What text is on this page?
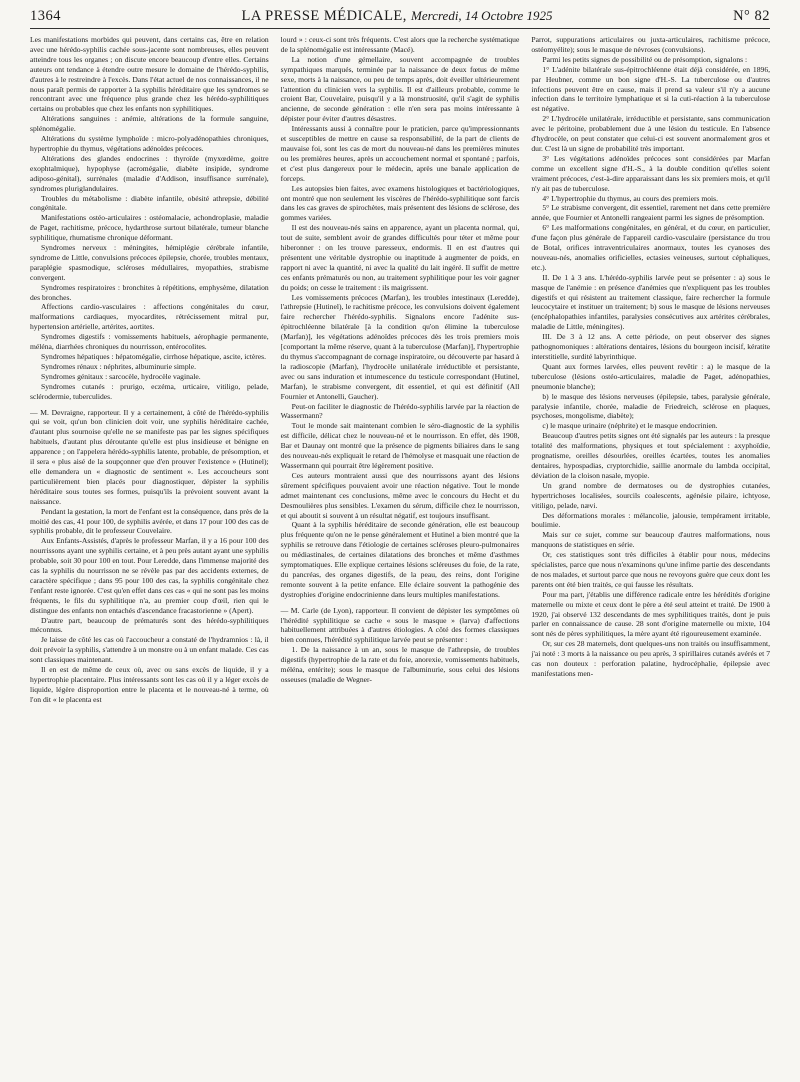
1364	LA PRESSE MÉDICALE, Mercredi, 14 Octobre 1925	N° 82

Les manifestations morbides qui peuvent, dans certains cas, être en relation avec une hérédo-syphilis cachée sous-jacente sont nombreuses, elles peuvent atteindre tous les organes ; on discute encore beaucoup d'entre elles. Certains auteurs ont tendance à étendre outre mesure le domaine de l'hérédo-syphilis, d'autres à le restreindre à l'excès. Dans l'état actuel de nos connaissances, il ne nous paraît permis de rapporter à la syphilis héréditaire que les syndromes se rencontrant avec une fréquence plus grande chez les hérédo-syphilitiques certains ou probables que chez les enfants non syphilitiques.

Altérations sanguines : anémie, altérations de la formule sanguine, splénomégalie.

Altérations du système lymphoïde : micro-polyadénopathies chroniques, hypertrophie du thymus, végétations adénoïdes précoces.

Altérations des glandes endocrines : thyroïde (myxœdème, goitre exophtalmique), hypophyse (acromégalie, diabète insipide, syndrome adiposo-génital), surrénales (maladie d'Addison, insuffisance surrénale), syndromes pluriglandulaires.

Troubles du métabolisme : diabète infantile, obésité athrepsie, débilité congénitale.

Manifestations ostéo-articulaires : ostéomalacie, achondroplasie, maladie de Paget, rachitisme, précoce, hydarthrose surtout bilatérale, tumeur blanche syphilitique, rhumatisme chronique déformant.

Syndromes nerveux : méningites, hémiplégie cérébrale infantile, syndrome de Little, convulsions précoces épilepsie, chorée, troubles mentaux, paraplégie spasmodique, scléroses médullaires, myopathies, strabisme convergent.

Syndromes respiratoires : bronchites à répétitions, emphysème, dilatation des bronches.

Affections cardio-vasculaires : affections congénitales du cœur, malformations cardiaques, myocardites, rétrécissement mitral pur, hypertension artérielle, artérites, aortites.

Syndromes digestifs : vomissements habituels, aérophagie permanente, méléna, diarrhées chroniques du nourrisson, entérocolites.

Syndromes hépatiques : hépatomégalie, cirrhose hépatique, ascite, ictères.

Syndromes rénaux : néphrites, albuminurie simple.

Syndromes génitaux : sarcocèle, hydrocèle vaginale.

Syndromes cutanés : prurigo, eczéma, urticaire, vitiligo, pelade, sclérodermie, tuberculides.

— M. Devraigne, rapporteur. Il y a certainement, à côté de l'hérédo-syphilis qui se voit, qu'un bon clinicien doit voir, une syphilis héréditaire cachée, d'autant plus sournoise qu'elle ne se manifeste pas par les signes spécifiques habituels, d'autant plus déroutante qu'elle est plus insidieuse et bénigne en apparence ; on l'appelera hérédo-syphilis latente, probable, de présomption, et il sera « plus aisé de la soupçonner que d'en prouver l'existence » (Hutinel); elle demandera un « diagnostic de sentiment ». Les accoucheurs sont particulièrement bien placés pour diagnostiquer, dépister la syphilis héréditaire sous toutes ses formes, puisqu'ils la prévoient souvent avant la naissance.

Pendant la gestation, la mort de l'enfant est la conséquence, dans près de la moitié des cas, 41 pour 100, de syphilis avérée, et dans 17 pour 100 des cas de syphilis probable, dit le professeur Couvelaire.

Aux Enfants-Assistés, d'après le professeur Marfan, il y a 16 pour 100 des nourrissons ayant une syphilis certaine, et à peu près autant ayant une syphilis probable, soit 30 pour 100 en tout. Pour Leredde, dans l'immense majorité des cas la syphilis du nourrisson ne se révèle pas par des accidents externes, de caractère spécifique ; dans 95 pour 100 des cas, la syphilis congénitale chez l'enfant reste ignorée. C'est qu'en effet dans ces cas « qui ne sont pas les moins fréquents, le fils du syphilitique n'a, au premier coup d'œil, rien qui le distingue des enfants non entachés d'ascendance fracastorienne » (Apert).

D'autre part, beaucoup de prématurés sont des hérédo-syphilitiques méconnus.

Je laisse de côté les cas où l'accoucheur a constaté de l'hydramnios : là, il doit prévoir la syphilis, s'attendre à un monstre ou à un enfant malade. Ces cas sont classiques maintenant.

Il en est de même de ceux où, avec ou sans excès de liquide, il y a hypertrophie placentaire. Plus intéressants sont les cas où il y a léger excès de liquide, légère disproportion entre le placenta et le nouveau-né à terme, où l'on dit « le placenta est

lourd » : ceux-ci sont très fréquents. C'est alors que la recherche systématique de la splénomégalie est intéressante (Macé).

La notion d'une gémellaire, souvent accompagnée de troubles sympathiques marqués, terminée par la naissance de deux fœtus de même sexe, morts à la naissance, ou peu de temps après, doit éveiller ultérieurement l'attention du clinicien vers la syphilis. Il est d'ailleurs probable, comme le croient Bar, Couvelaire, puisqu'il y a là monstruosité, qu'il s'agit de syphilis ancienne, de seconde génération : elle n'en sera pas moins intéressante à dépister pour éviter d'autres désastres.

Intéressants aussi à connaître pour le praticien, parce qu'impressionnants et susceptibles de mettre en cause sa responsabilité, de la part de clients de mauvaise foi, sont les cas de mort du nouveau-né dans les premières minutes ou les premières heures, après un accouchement normal et spontané ; parfois, et c'est plus dangereux pour le médecin, après une banale application de forceps.

Les autopsies bien faites, avec examens histologiques et bactériologiques, ont montré que non seulement les viscères de l'hérédo-syphilitique sont farcis dans les cas graves de spirochètes, mais présentent des lésions de sclérose, des gommes variées.

Il est des nouveau-nés sains en apparence, ayant un placenta normal, qui, tout de suite, semblent avoir de grandes difficultés pour téter et même pour hiberonner : on les trouve paresseux, endormis. Il en est d'autres qui présentent une véritable dystrophie ou inaptitude à augmenter de poids, en rapport ni avec la quantité, ni avec la qualité du lait ingéré. Il suffit de mettre ces enfants prématurés ou non, au traitement syphilitique pour les voir gagner du poids; on cesse le traitement : ils maigrissent.

Les vomissements précoces (Marfan), les troubles intestinaux (Leredde), l'athrepsie (Hutinel), le rachitisme précoce, les convulsions doivent également faire rechercher l'hérédo-syphilis. Signalons encore l'adénite sus-épitrochléenne bilatérale [à la condition qu'on élimine la tuberculose (Marfan)], les végétations adénoïdes précoces dès les trois premiers mois [comportant la même réserve, quant à la tuberculose (Marfan)], l'hypertrophie du thymus s'accompagnant de cornage inspiratoire, ou découverte par hasard à la radioscopie (Marfan), l'hydrocèle unilatérale irréductible et persistante, avec ou sans induration et intumescence du testicule correspondant (Hutinel, Marfan), le strabisme convergent, dit essentiel, et qui est définitif (All Fournier et Antonelli, Gaucher).

Peut-on faciliter le diagnostic de l'hérédo-syphilis larvée par la réaction de Wassermann?

Tout le monde sait maintenant combien le séro-diagnostic de la syphilis est difficile, délicat chez le nouveau-né et le nourrisson. En effet, dès 1908, Bar et Daunay ont montré que la présence de pigments biliaires dans le sang des nouveau-nés expliquait le retard de l'hémolyse et masquait une réaction de Wassermann qui pourrait être légèrement positive.

Ces auteurs montraient aussi que des nourrissons ayant des lésions sûrement spécifiques pouvaient avoir une réaction négative. Tout le monde admet maintenant ces conclusions, même avec le concours du Hecht et du Desmoulières plus sensibles. L'examen du sérum, difficile chez le nourrisson, et qui aboutit si souvent à un résultat négatif, est toujours insuffisant.

Quant à la syphilis héréditaire de seconde génération, elle est beaucoup plus fréquente qu'on ne le pense généralement et Hutinel a bien montré que la syphilis se retrouve dans l'étiologie de certaines scléroses pleuro-pulmonaires ou médiastinales, de certaines dilatations des bronches et même d'asthmes symptomatiques. Elle explique certaines lésions scléreuses du foie, de la rate, du pancréas, des organes digestifs, de la peau, des reins, dont l'origine remonte souvent à la petite enfance. Elle éclaire souvent la pathogénie des dystrophies d'origine endocrinienne dans leurs multiples manifestations.

— M. Carle (de Lyon), rapporteur. Il convient de dépister les symptômes où l'hérédité syphilitique se cache « sous le masque » (larva) d'affections habituellement attribuées à d'autres étiologies. A côté des formes classiques bien connues, l'hérédité syphilitique larvée peut se présenter :

1. De la naissance à un an, sous le masque de l'athrepsie, de troubles digestifs (hypertrophie de la rate et du foie, anorexie, vomissements habituels, méléna, entérite); sous le masque de l'albuminurie, sous celui des lésions osseuses (maladie de Wegner-

Parrot, suppurations articulaires ou juxta-articulaires, rachitisme précoce, ostéomyélite); sous le masque de névroses (convulsions).

Parmi les petits signes de possibilité ou de présomption, signalons :

1° L'adénite bilatérale sus-épitrochléenne était déjà considérée, en 1896, par Heubner, comme un bon signe d'H.-S. La tuberculose ou d'autres infections peuvent être en cause, mais il prend sa valeur s'il n'y a aucune infection dans le territoire lymphatique et si la cuti-réaction à la tuberculose est négative.

2° L'hydrocèle unilatérale, irréductible et persistante, sans communication avec le péritoine, probablement due à une lésion du testicule. En l'absence d'hydrocèle, on peut constater que celui-ci est souvent anormalement gros et dur. C'est là un signe de probabilité très important.

3° Les végétations adénoïdes précoces sont considérées par Marfan comme un excellent signe d'H.-S., à la double condition qu'elles soient vraiment précoces, c'est-à-dire apparaissant dans les six premiers mois, et qu'il n'y ait pas de tuberculose.

4° L'hypertrophie du thymus, au cours des premiers mois.

5° Le strabisme convergent, dit essentiel, rarement net dans cette première année, que Fournier et Antonelli rangeaient parmi les signes de présomption.

6° Les malformations congénitales, en général, et du cœur, en particulier, d'une façon plus générale de l'appareil cardio-vasculaire (persistance du trou de Botal, orifices intraventriculaires anormaux, toutes les cyanoses des nouveau-nés, anomalies orificielles, ectasies veineuses, surtout céphaliques, etc.).

II. De 1 à 3 ans. L'hérédo-syphilis larvée peut se présenter : a) sous le masque de l'anémie : en présence d'anémies que n'expliquent pas les troubles digestifs et qui résistent au traitement classique, faire rechercher la formule leucocytaire et instituer un traitement; b) sous le masque de lésions nerveuses (encéphalopathies infantiles, paralysies consécutives aux artérites cérébrales, maladie de Little, méningites).

III. De 3 à 12 ans. A cette période, on peut observer des signes pathognomoniques : altérations dentaires, lésions du bourgeon incisif, kératite interstitielle, surdité labyrinthique.

Quant aux formes larvées, elles peuvent revêtir : a) le masque de la tuberculose (lésions ostéo-articulaires, maladie de Paget, adénopathies, pneumonie blanche);

b) le masque des lésions nerveuses (épilepsie, tabes, paralysie générale, paralysie infantile, chorée, maladie de Friedreich, sclérose en plaques, psychoses, mongolisme, diabète);

c) le masque urinaire (néphrite) et le masque endocrinien.

Beaucoup d'autres petits signes ont été signalés par les auteurs : la presque totalité des malformations, physiques et tout spécialement : axyphoïdie, prognatisme, oreilles désourlées, oreilles écartées, toutes les anomalies dentaires, hypospadias, cryptorchidie, saillie anormale du lambda occipital, déviation de la cloison nasale, myopie.

Un grand nombre de dermatoses ou de dystrophies cutanées, hypertrichoses localisées, sourcils coalescents, agénésie pilaire, ichtyose, vitiligo, pelade, nævi.

Des déformations morales : mélancolie, jalousie, tempérament irritable, boulimie.

Mais sur ce sujet, comme sur beaucoup d'autres malformations, nous manquons de statistiques en série.

Or, ces statistiques sont très difficiles à établir pour nous, médecins spécialistes, parce que nous n'examinons qu'une infime partie des descendants de nos malades, et surtout parce que nous ne revoyons guère que ceux dont les parents ont été bien traités, ce qui fausse les résultats.

Pour ma part, j'établis une différence radicale entre les hérédités d'origine maternelle ou mixte et ceux dont le père a été seul atteint et traité. De 1900 à 1920, j'ai observé 132 descendants de mes syphilitiques traités, dont je puis parler en connaissance de cause. 28 sont d'origine maternelle ou mixte, 104 sont nés de pères syphilitiques, la mère ayant été rigoureusement examinée.

Or, sur ces 28 maternels, dont quelques-uns non traités ou insuffisamment, j'ai noté : 3 morts à la naissance ou peu après, 3 spirillaires cutanés avérés et 7 cas non douteux : perforation palatine, hydrocéphalie, épilepsie avec manifestations men-
